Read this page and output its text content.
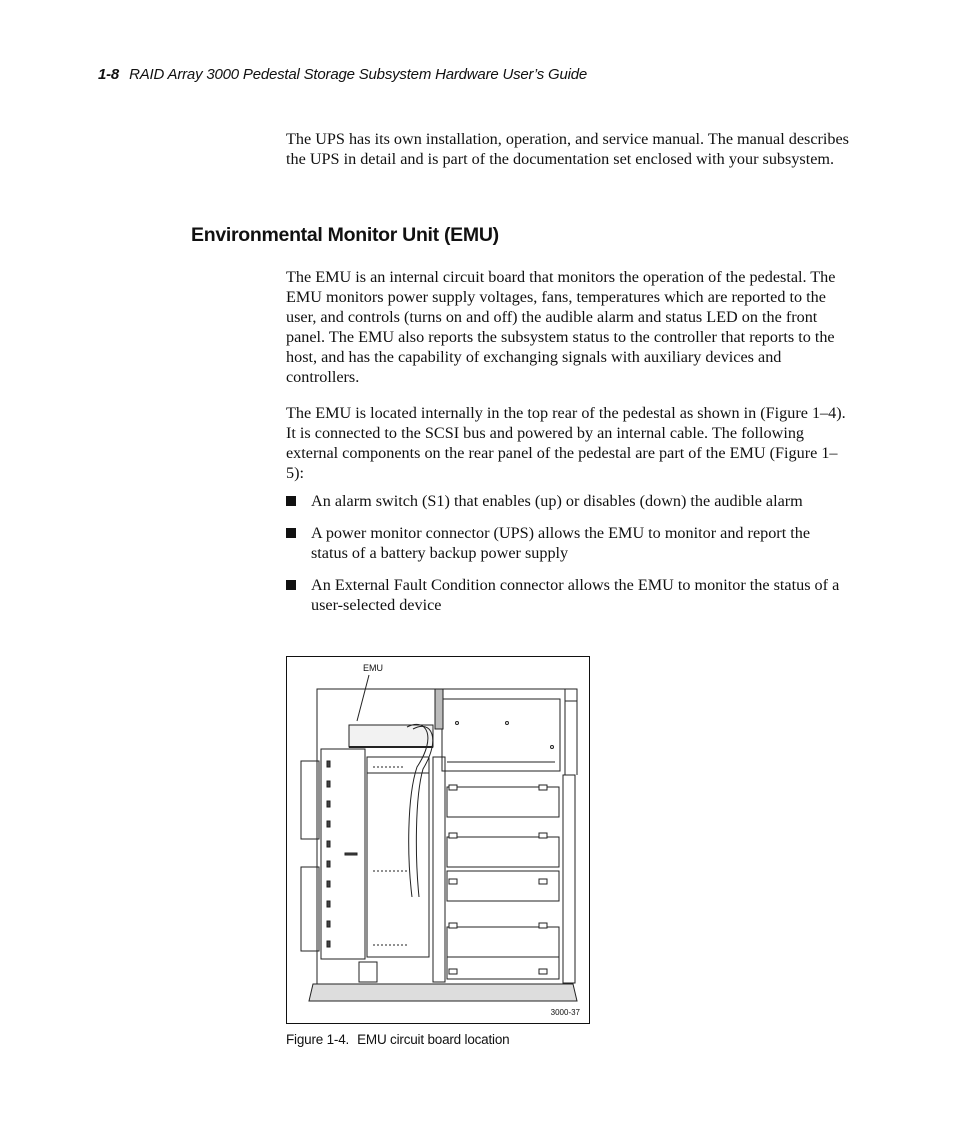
1-8 RAID Array 3000 Pedestal Storage Subsystem Hardware User’s Guide

The UPS has its own installation, operation, and service manual. The manual describes the UPS in detail and is part of the documentation set enclosed with your subsystem.

Environmental Monitor Unit (EMU)

The EMU is an internal circuit board that monitors the operation of the pedestal. The EMU monitors power supply voltages, fans, temperatures which are reported to the user, and controls (turns on and off) the audible alarm and status LED on the front panel. The EMU also reports the subsystem status to the controller that reports to the host, and has the capability of exchanging signals with auxiliary devices and controllers.

The EMU is located internally in the top rear of the pedestal as shown in (Figure 1–4). It is connected to the SCSI bus and powered by an internal cable. The following external components on the rear panel of the pedestal are part of the EMU (Figure 1–5):

An alarm switch (S1) that enables (up) or disables (down) the audible alarm
A power monitor connector (UPS) allows the EMU to monitor and report the status of a battery backup power supply
An External Fault Condition connector allows the EMU to monitor the status of a user-selected device
EMU
3000-37
Figure 1-4. EMU circuit board location
